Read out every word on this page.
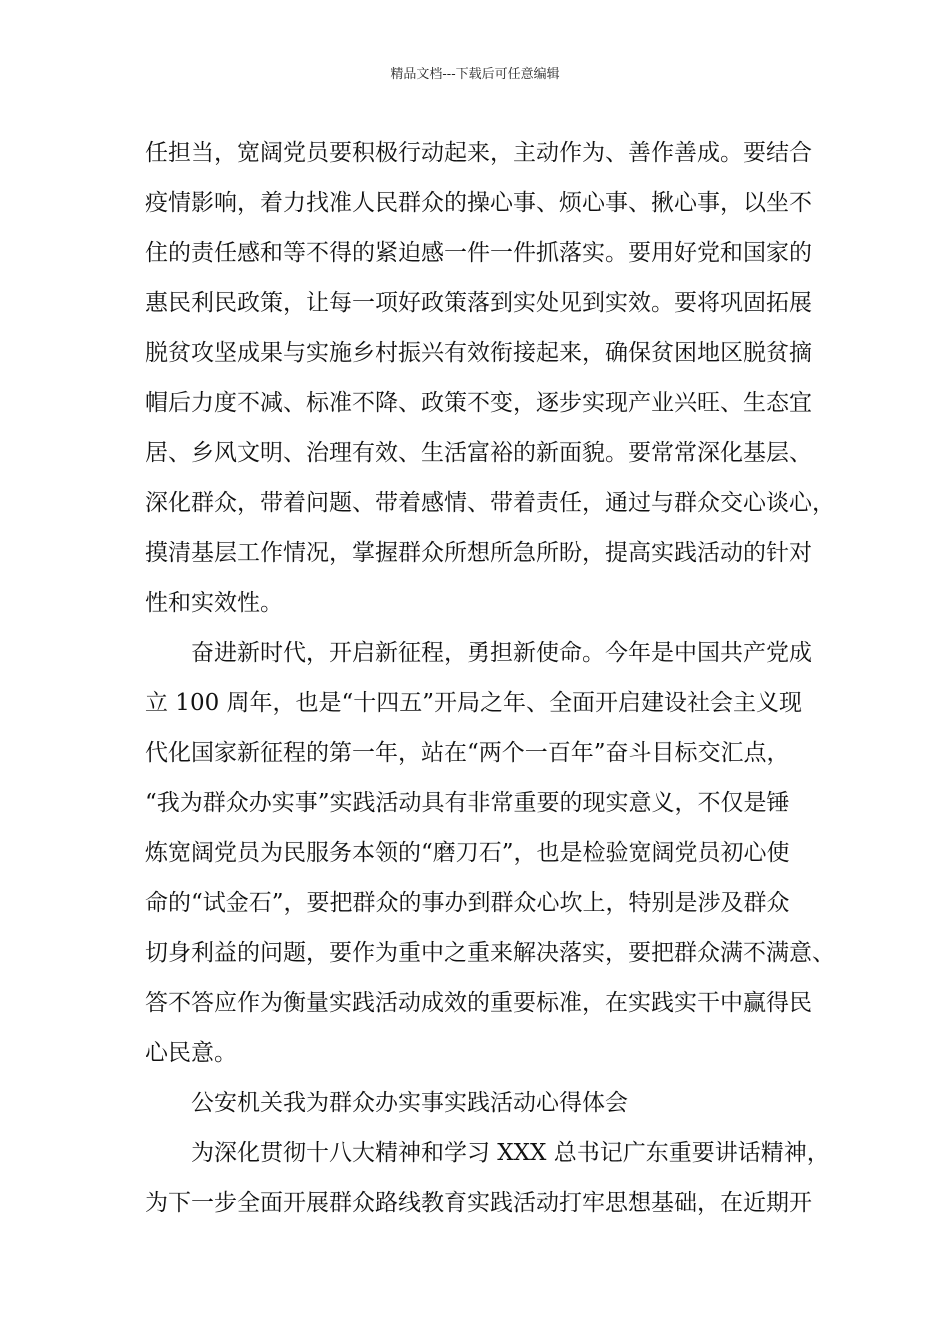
精品文档---下载后可任意编辑
任担当，宽阔党员要积极行动起来，主动作为、善作善成。要结合
疫情影响，着力找准人民群众的操心事、烦心事、揪心事，以坐不
住的责任感和等不得的紧迫感一件一件抓落实。要用好党和国家的
惠民利民政策，让每一项好政策落到实处见到实效。要将巩固拓展
脱贫攻坚成果与实施乡村振兴有效衔接起来，确保贫困地区脱贫摘
帽后力度不减、标准不降、政策不变，逐步实现产业兴旺、生态宜
居、乡风文明、治理有效、生活富裕的新面貌。要常常深化基层、
深化群众，带着问题、带着感情、带着责任，通过与群众交心谈心，
摸清基层工作情况，掌握群众所想所急所盼，提高实践活动的针对
性和实效性。
奋进新时代，开启新征程，勇担新使命。今年是中国共产党成
立 100 周年，也是“十四五”开局之年、全面开启建设社会主义现
代化国家新征程的第一年，站在“两个一百年”奋斗目标交汇点，
“我为群众办实事”实践活动具有非常重要的现实意义，不仅是锤
炼宽阔党员为民服务本领的“磨刀石”，也是检验宽阔党员初心使
命的“试金石”，要把群众的事办到群众心坎上，特别是涉及群众
切身利益的问题，要作为重中之重来解决落实，要把群众满不满意、
答不答应作为衡量实践活动成效的重要标准，在实践实干中赢得民
心民意。
公安机关我为群众办实事实践活动心得体会
为深化贯彻十八大精神和学习 XXX 总书记广东重要讲话精神，
为下一步全面开展群众路线教育实践活动打牢思想基础，在近期开
